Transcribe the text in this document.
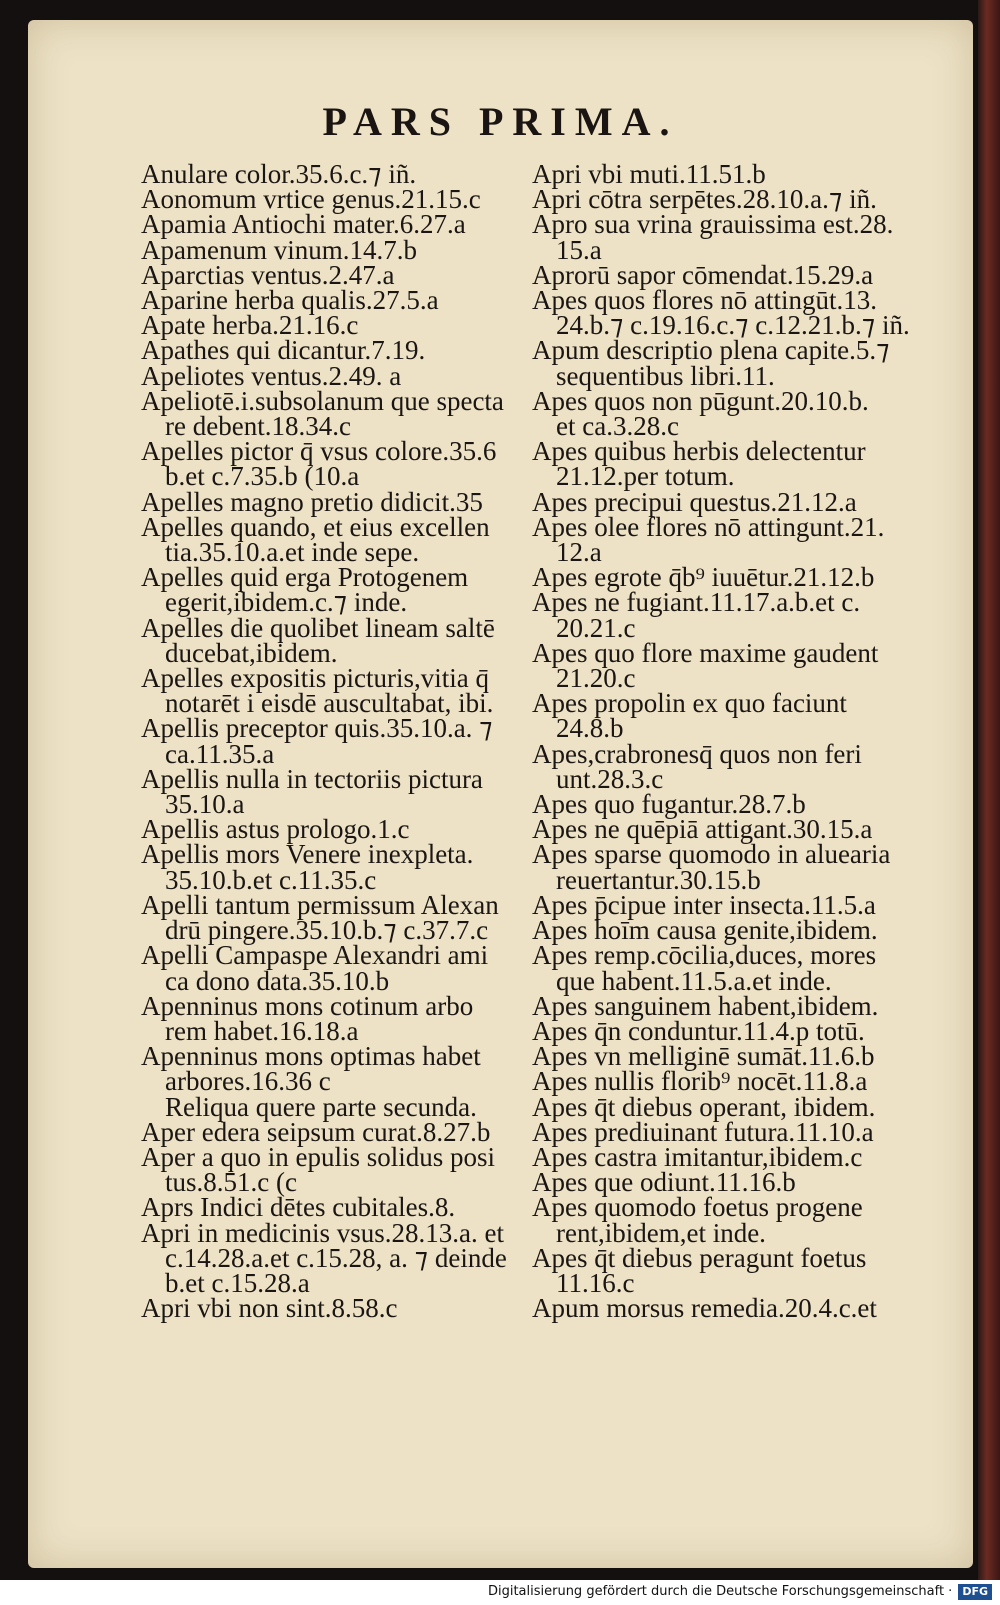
PARS PRIMA.
Anulare color.35.6.c.⁊ iñ.
Aonomum vrtice genus.21.15.c
Apamia Antiochi mater.6.27.a
Apamenum vinum.14.7.b
Aparctias ventus.2.47.a
Aparine herba qualis.27.5.a
Apate herba.21.16.c
Apathes qui dicantur.7.19.
Apeliotes ventus.2.49. a
Apeliotē.i.subsolanum que specta
re debent.18.34.c
Apelles pictor q̄ vsus colore.35.6
b.et c.7.35.b (10.a
Apelles magno pretio didicit.35
Apelles quando, et eius excellen
tia.35.10.a.et inde sepe.
Apelles quid erga Protogenem
egerit,ibidem.c.⁊ inde.
Apelles die quolibet lineam saltē
ducebat,ibidem.
Apelles expositis picturis,vitia q̄
notarēt i eisdē auscultabat, ibi.
Apellis preceptor quis.35.10.a. ⁊
ca.11.35.a
Apellis nulla in tectoriis pictura
35.10.a
Apellis astus prologo.1.c
Apellis mors Venere inexpleta.
35.10.b.et c.11.35.c
Apelli tantum permissum Alexan
drū pingere.35.10.b.⁊ c.37.7.c
Apelli Campaspe Alexandri ami
ca dono data.35.10.b
Apenninus mons cotinum arbo
rem habet.16.18.a
Apenninus mons optimas habet
arbores.16.36 c
Reliqua quere parte secunda.
Aper edera seipsum curat.8.27.b
Aper a quo in epulis solidus posi
tus.8.51.c (c
Aprs Indici dētes cubitales.8.
Apri in medicinis vsus.28.13.a. et
c.14.28.a.et c.15.28, a. ⁊ deinde
b.et c.15.28.a
Apri vbi non sint.8.58.c
Apri vbi muti.11.51.b
Apri cōtra serpētes.28.10.a.⁊ iñ.
Apro sua vrina grauissima est.28.
15.a
Aprorū sapor cōmendat.15.29.a
Apes quos flores nō attingūt.13.
24.b.⁊ c.19.16.c.⁊ c.12.21.b.⁊ iñ.
Apum descriptio plena capite.5.⁊
sequentibus libri.11.
Apes quos non pūgunt.20.10.b.
et ca.3.28.c
Apes quibus herbis delectentur
21.12.per totum.
Apes precipui questus.21.12.a
Apes olee flores nō attingunt.21.
12.a
Apes egrote q̄b⁹ iuuētur.21.12.b
Apes ne fugiant.11.17.a.b.et c.
20.21.c
Apes quo flore maxime gaudent
21.20.c
Apes propolin ex quo faciunt
24.8.b
Apes,crabronesq̄ quos non feri
unt.28.3.c
Apes quo fugantur.28.7.b
Apes ne quēpiā attigant.30.15.a
Apes sparse quomodo in aluearia
reuertantur.30.15.b
Apes p̄cipue inter insecta.11.5.a
Apes hoīm causa genite,ibidem.
Apes remp.cōcilia,duces, mores
que habent.11.5.a.et inde.
Apes sanguinem habent,ibidem.
Apes q̄n conduntur.11.4.p totū.
Apes vn melliginē sumāt.11.6.b
Apes nullis florib⁹ nocēt.11.8.a
Apes q̄t diebus operant, ibidem.
Apes prediuinant futura.11.10.a
Apes castra imitantur,ibidem.c
Apes que odiunt.11.16.b
Apes quomodo foetus progene
rent,ibidem,et inde.
Apes q̄t diebus peragunt foetus
11.16.c
Apum morsus remedia.20.4.c.et
Digitalisierung gefördert durch die Deutsche Forschungsgemeinschaft · DFG
